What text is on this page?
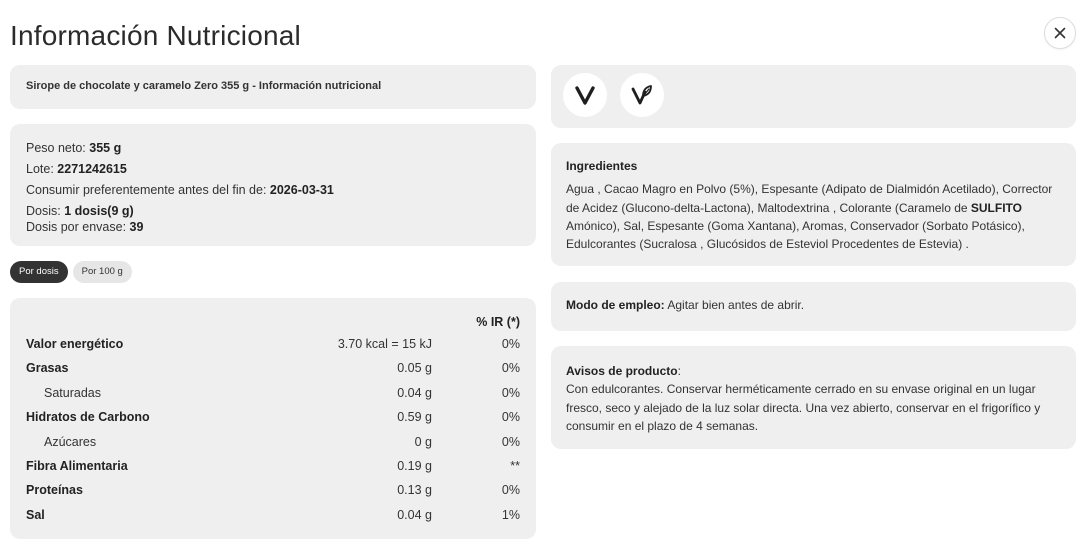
Información Nutricional
Sirope de chocolate y caramelo Zero 355 g - Información nutricional
Peso neto: 355 g
Lote: 2271242615
Consumir preferentemente antes del fin de: 2026-03-31
Dosis: 1 dosis(9 g)
Dosis por envase: 39
Por dosis	Por 100 g
% IR (*)
Valor energético	3.70 kcal = 15 kJ	0%
Grasas	0.05 g	0%
Saturadas	0.04 g	0%
Hidratos de Carbono	0.59 g	0%
Azúcares	0 g	0%
Fibra Alimentaria	0.19 g	**
Proteínas	0.13 g	0%
Sal	0.04 g	1%
Ingredientes
Agua , Cacao Magro en Polvo (5%), Espesante (Adipato de Dialmidón Acetilado), Corrector de Acidez (Glucono-delta-Lactona), Maltodextrina , Colorante (Caramelo de SULFITO Amónico), Sal, Espesante (Goma Xantana), Aromas, Conservador (Sorbato Potásico), Edulcorantes (Sucralosa , Glucósidos de Esteviol Procedentes de Estevia) .
Modo de empleo: Agitar bien antes de abrir.
Avisos de producto:
Con edulcorantes. Conservar herméticamente cerrado en su envase original en un lugar fresco, seco y alejado de la luz solar directa. Una vez abierto, conservar en el frigorífico y consumir en el plazo de 4 semanas.
